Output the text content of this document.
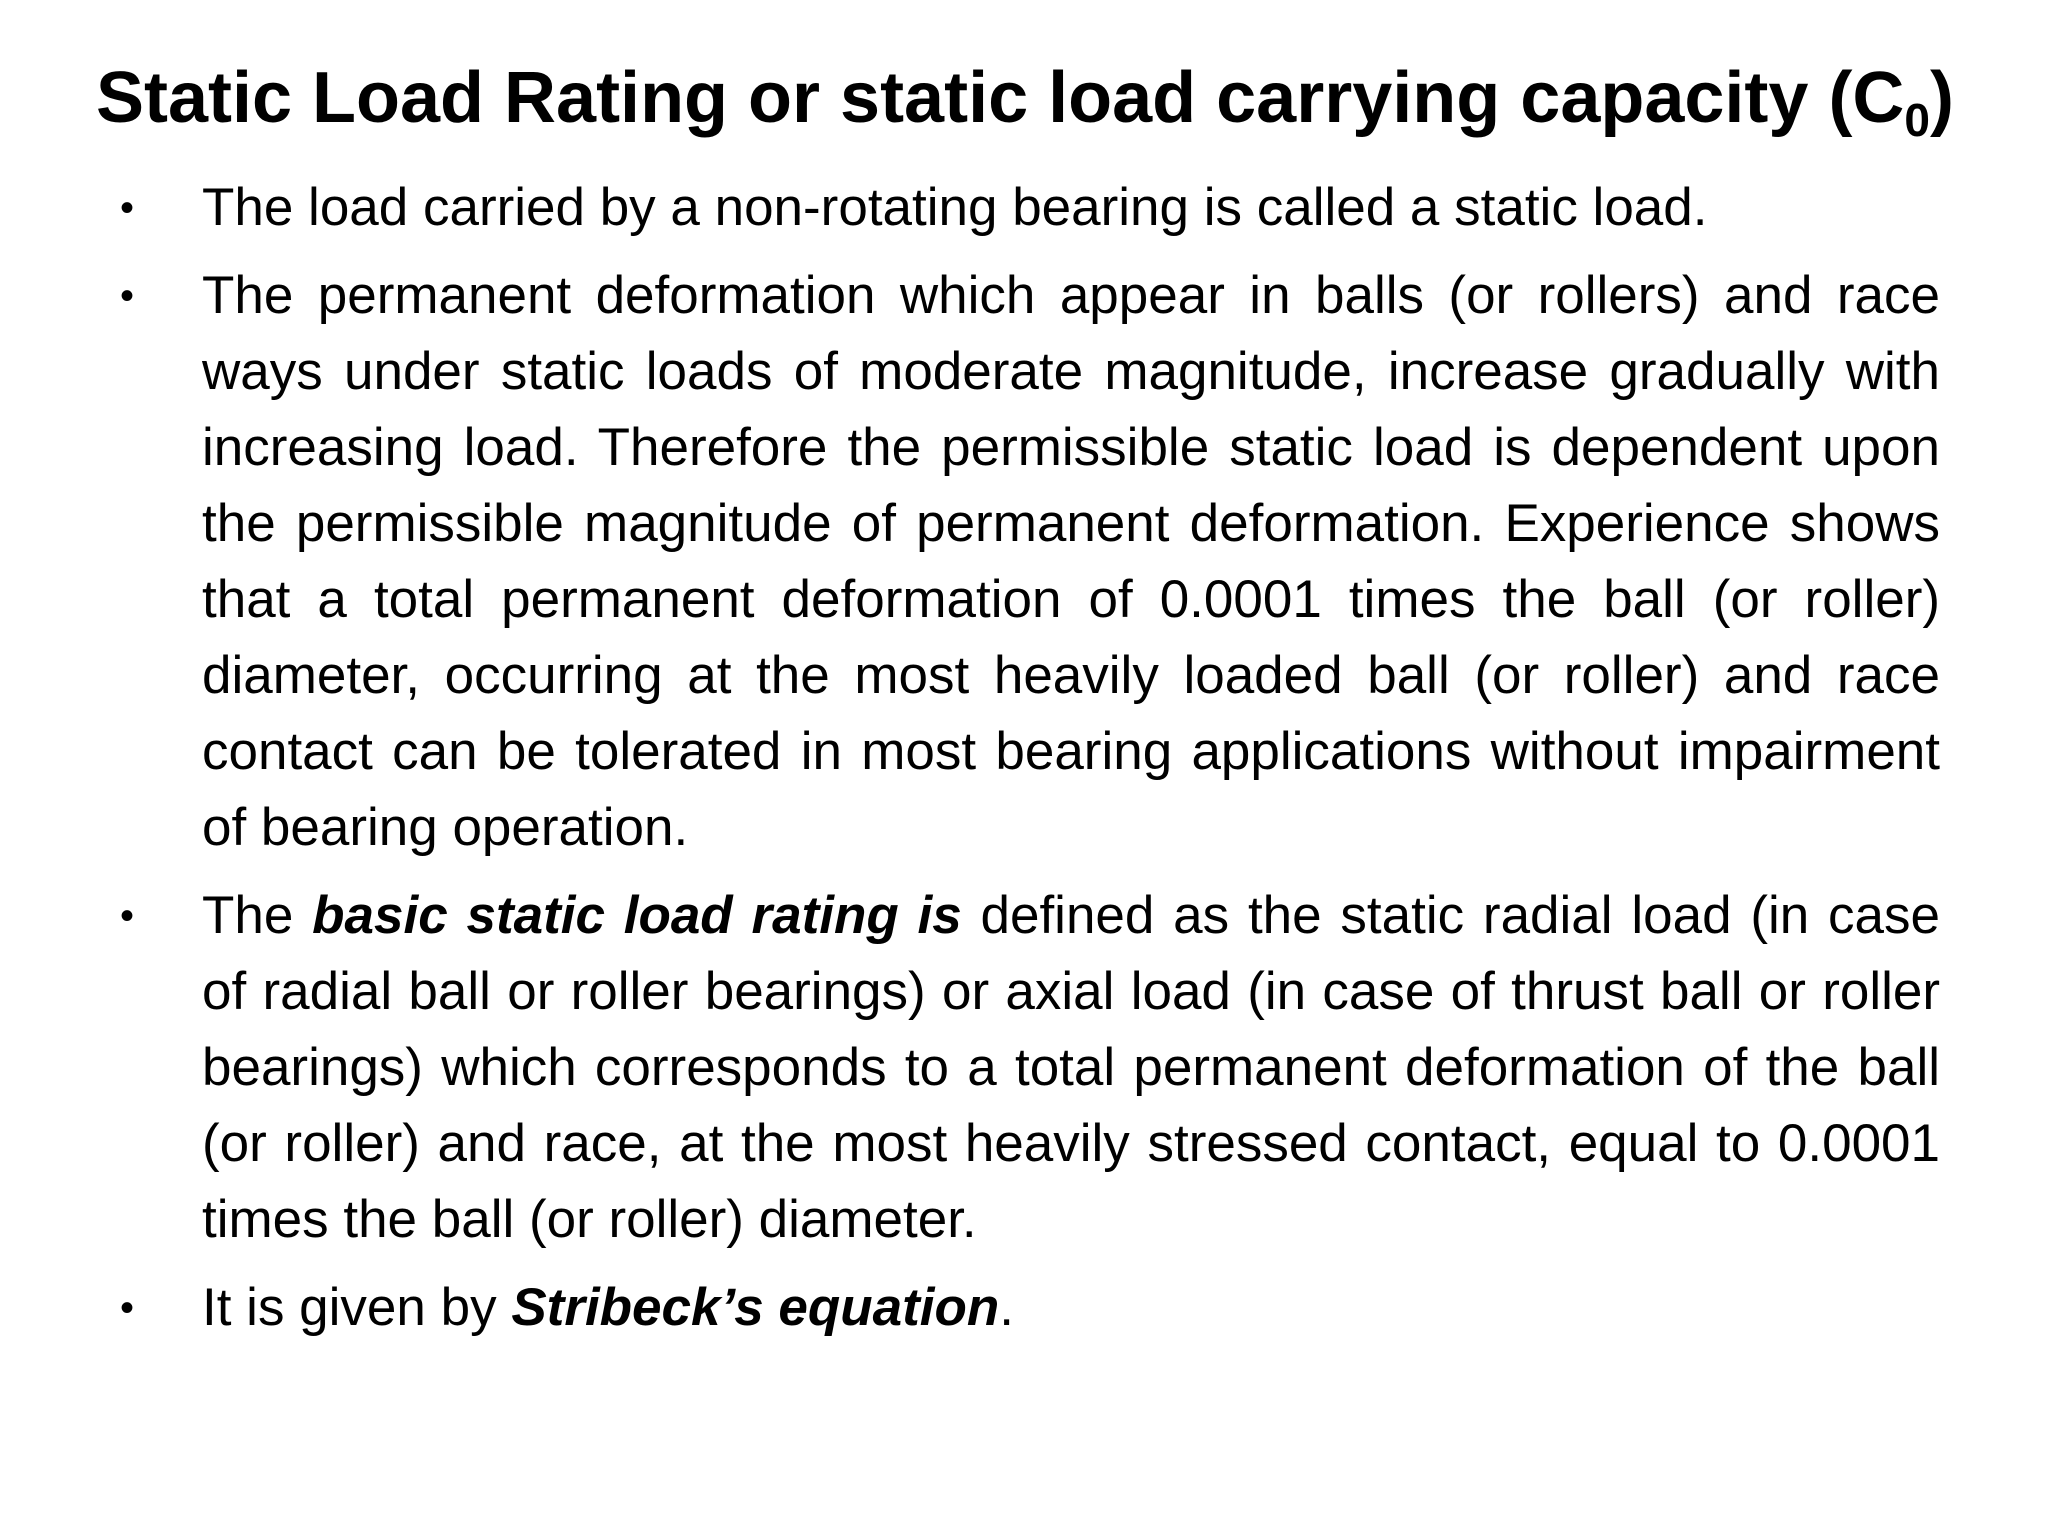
Static Load Rating or static load carrying capacity $(C_0)$
•	The load carried by a non-rotating bearing is called a static load.
•	The permanent deformation which appear in balls (or rollers) and race ways under static loads of moderate magnitude, increase gradually with increasing load. Therefore the permissible static load is dependent upon the permissible magnitude of permanent deformation. Experience shows that a total permanent deformation of 0.0001 times the ball (or roller) diameter, occurring at the most heavily loaded ball (or roller) and race contact can be tolerated in most bearing applications without impairment of bearing operation.
•	The basic static load rating is defined as the static radial load (in case of radial ball or roller bearings) or axial load (in case of thrust ball or roller bearings) which corresponds to a total permanent deformation of the ball (or roller) and race, at the most heavily stressed contact, equal to 0.0001 times the ball (or roller) diameter.
•	It is given by Stribeck’s equation.
